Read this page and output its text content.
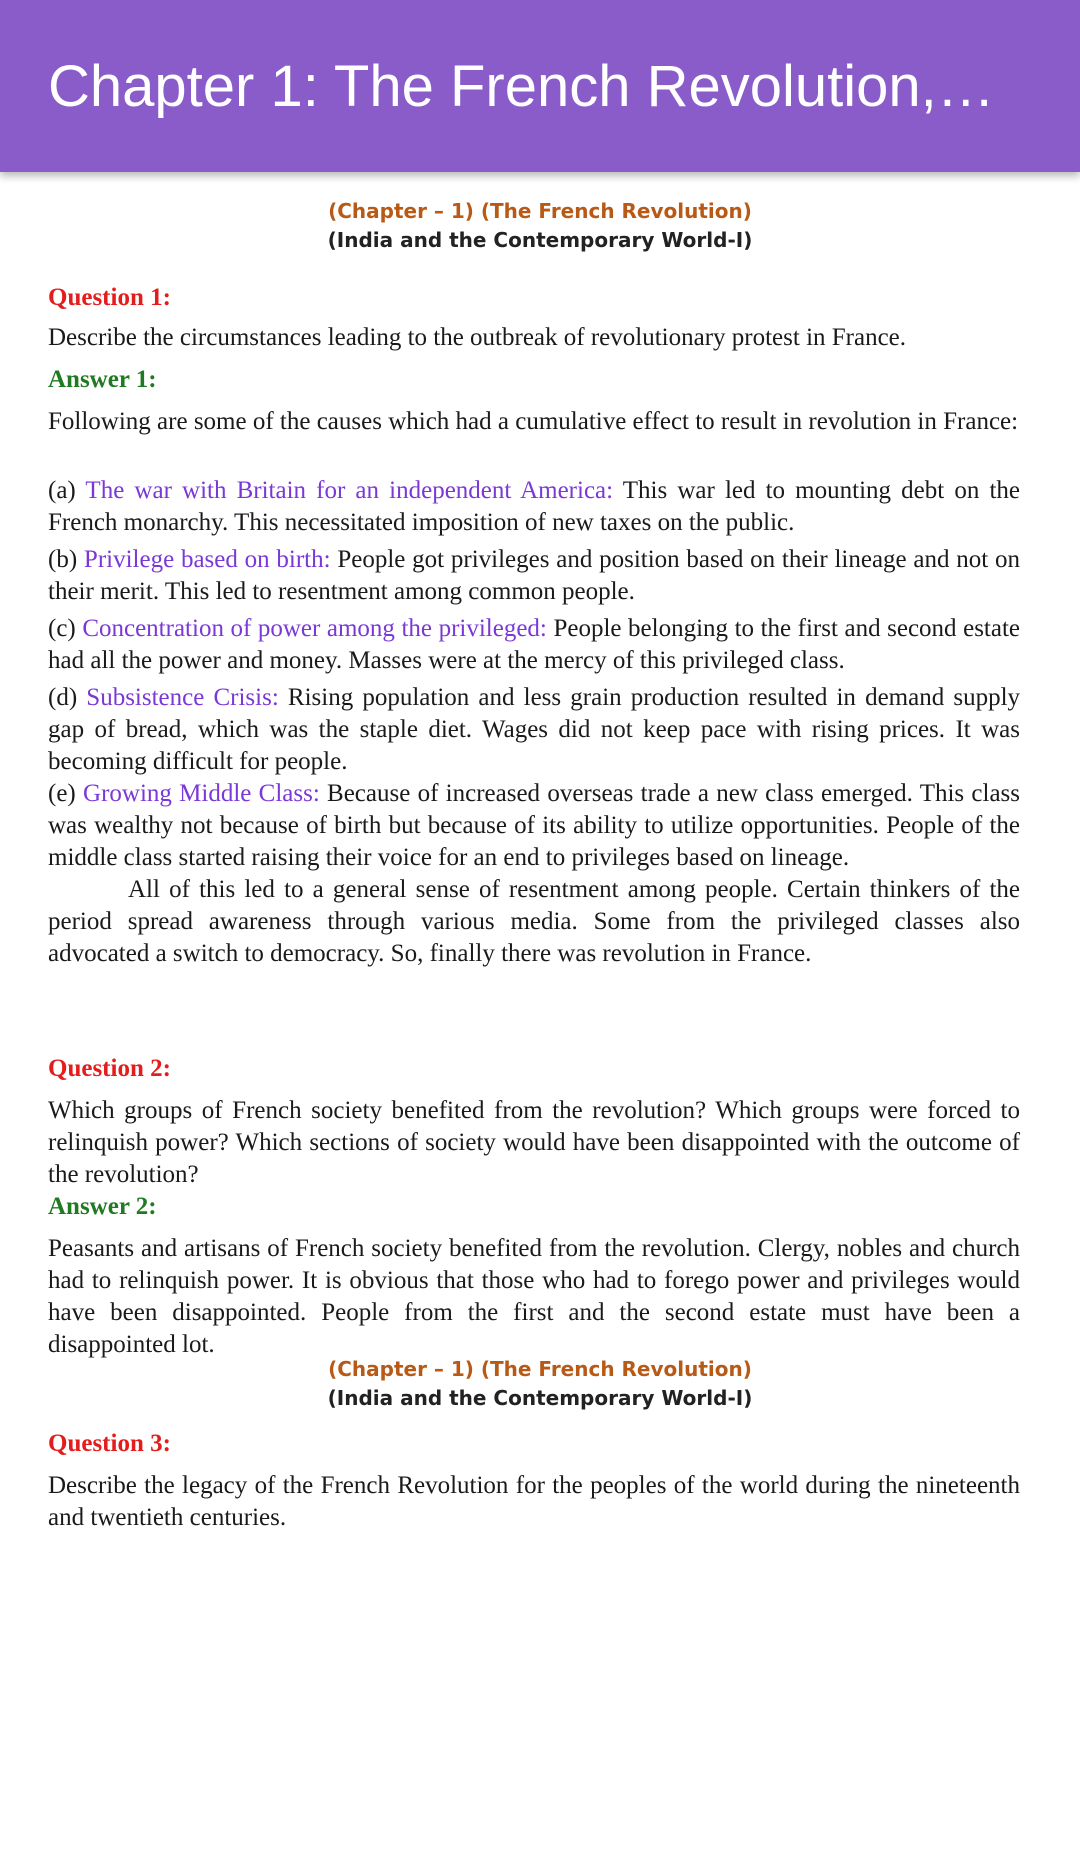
Chapter 1: The French Revolution,…
(Chapter – 1) (The French Revolution)
(India and the Contemporary World-I)
Question 1:
Describe the circumstances leading to the outbreak of revolutionary protest in France.
Answer 1:
Following are some of the causes which had a cumulative effect to result in revolution in France:
(a) The war with Britain for an independent America: This war led to mounting debt on the French monarchy. This necessitated imposition of new taxes on the public.
(b) Privilege based on birth: People got privileges and position based on their lineage and not on their merit. This led to resentment among common people.
(c) Concentration of power among the privileged: People belonging to the first and second estate had all the power and money. Masses were at the mercy of this privileged class.
(d) Subsistence Crisis: Rising population and less grain production resulted in demand supply gap of bread, which was the staple diet. Wages did not keep pace with rising prices. It was becoming difficult for people.
(e) Growing Middle Class: Because of increased overseas trade a new class emerged. This class was wealthy not because of birth but because of its ability to utilize opportunities. People of the middle class started raising their voice for an end to privileges based on lineage.
All of this led to a general sense of resentment among people. Certain thinkers of the period spread awareness through various media. Some from the privileged classes also advocated a switch to democracy. So, finally there was revolution in France.
Question 2:
Which groups of French society benefited from the revolution? Which groups were forced to relinquish power? Which sections of society would have been disappointed with the outcome of the revolution?
Answer 2:
Peasants and artisans of French society benefited from the revolution. Clergy, nobles and church had to relinquish power. It is obvious that those who had to forego power and privileges would have been disappointed. People from the first and the second estate must have been a disappointed lot.
(Chapter – 1) (The French Revolution)
(India and the Contemporary World-I)
Question 3:
Describe the legacy of the French Revolution for the peoples of the world during the nineteenth and twentieth centuries.
